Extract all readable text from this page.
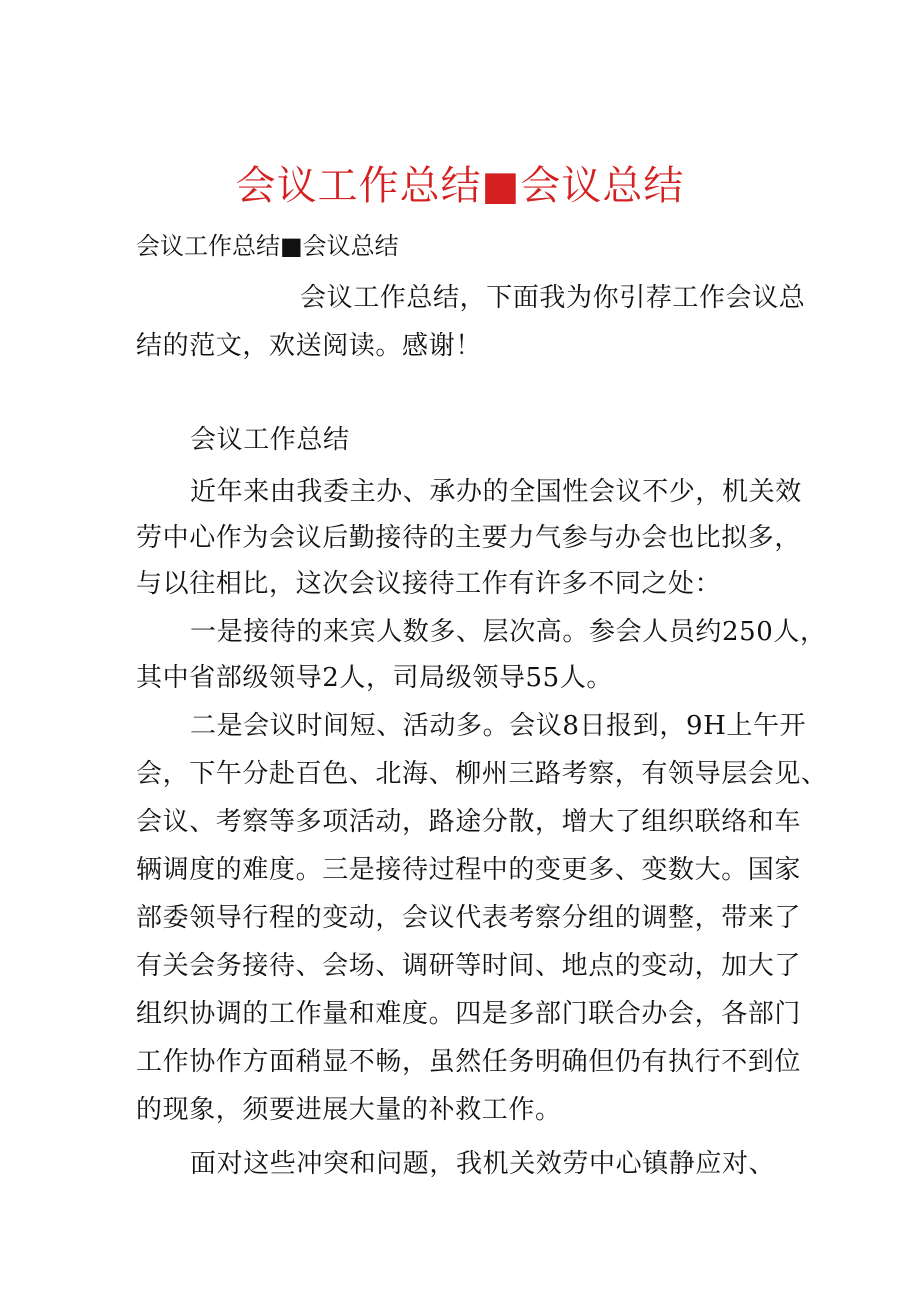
会议工作总结■会议总结
会议工作总结■会议总结
会议工作总结，下面我为你引荐工作会议总
结的范文，欢送阅读。感谢！
会议工作总结
近年来由我委主办、承办的全国性会议不少，机关效
劳中心作为会议后勤接待的主要力气参与办会也比拟多，
与以往相比，这次会议接待工作有许多不同之处：
一是接待的来宾人数多、层次高。参会人员约250人，
其中省部级领导2人，司局级领导55人。
二是会议时间短、活动多。会议8日报到，9H上午开
会，下午分赴百色、北海、柳州三路考察，有领导层会见、
会议、考察等多项活动，路途分散，增大了组织联络和车
辆调度的难度。三是接待过程中的变更多、变数大。国家
部委领导行程的变动，会议代表考察分组的调整，带来了
有关会务接待、会场、调研等时间、地点的变动，加大了
组织协调的工作量和难度。四是多部门联合办会，各部门
工作协作方面稍显不畅，虽然任务明确但仍有执行不到位
的现象，须要进展大量的补救工作。
面对这些冲突和问题，我机关效劳中心镇静应对、
